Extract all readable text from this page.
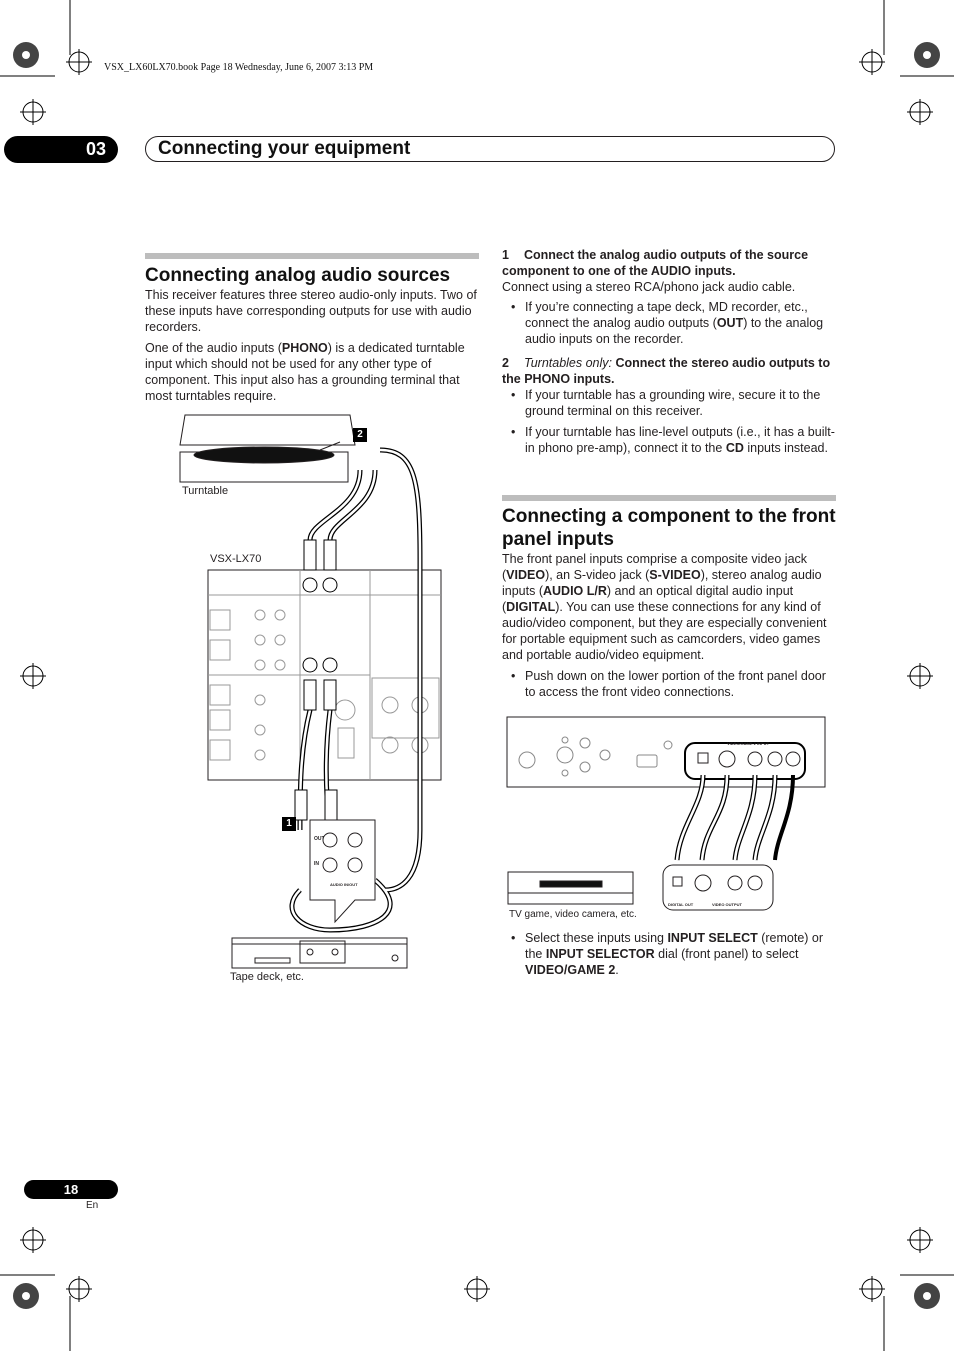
VSX_LX60LX70.book Page 18 Wednesday, June 6, 2007 3:13 PM
03	Connecting your equipment
Connecting analog audio sources

This receiver features three stereo audio-only inputs. Two of these inputs have corresponding outputs for use with audio recorders.

One of the audio inputs (PHONO) is a dedicated turntable input which should not be used for any other type of component. This input also has a grounding terminal that most turntables require.

Turntable
VSX-LX70
Tape deck, etc.
2
1
OUT
IN
AUDIO IN/OUT

1 Connect the analog audio outputs of the source component to one of the AUDIO inputs.

Connect using a stereo RCA/phono jack audio cable.

• If you’re connecting a tape deck, MD recorder, etc., connect the analog audio outputs (OUT) to the analog audio inputs on the recorder.

2 Turntables only: Connect the stereo audio outputs to the PHONO inputs.

• If your turntable has a grounding wire, secure it to the ground terminal on this receiver.
• If your turntable has line-level outputs (i.e., it has a built-in phono pre-amp), connect it to the CD inputs instead.
Connecting a component to the front panel inputs

The front panel inputs comprise a composite video jack (VIDEO), an S-video jack (S-VIDEO), stereo analog audio inputs (AUDIO L/R) and an optical digital audio input (DIGITAL). You can use these connections for any kind of audio/video component, but they are especially convenient for portable equipment such as camcorders, video games and portable audio/video equipment.

• Push down on the lower portion of the front panel door to access the front video connections.
VIDEO/GAME 2 INPUT
DIGITAL OUT	VIDEO OUTPUT
TV game, video camera, etc.
• Select these inputs using INPUT SELECT (remote) or the INPUT SELECTOR dial (front panel) to select VIDEO/GAME 2.
18
En
